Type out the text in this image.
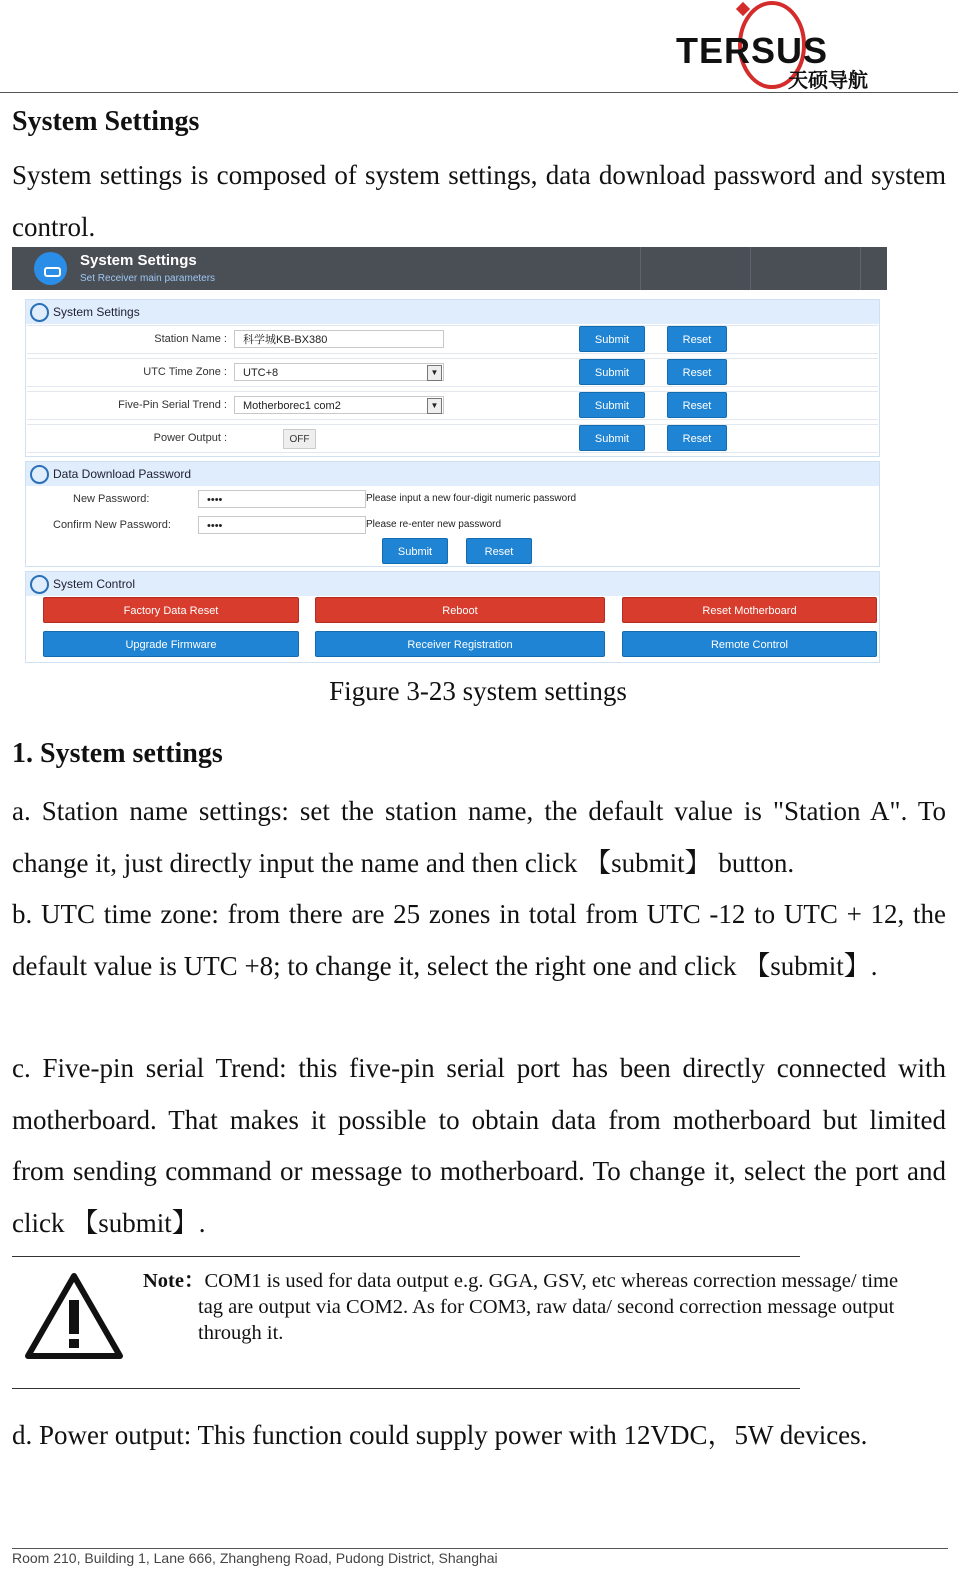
TERSUS
天硕导航
System Settings

System settings is composed of system settings, data download password and system control.

System Settings
Set Receiver main parameters
System Settings
Station Name :	科学城KB-BX380	Submit	Reset
UTC Time Zone :	UTC+8	▼	Submit	Reset
Five-Pin Serial Trend :	Motherborec1 com2	▼	Submit	Reset
Power Output :	OFF	Submit	Reset
Data Download Password
New Password:	••••	Please input a new four-digit numeric password
Confirm New Password:	••••	Please re-enter new password
Submit	Reset
System Control
Factory Data Reset	Reboot	Reset Motherboard
Upgrade Firmware	Receiver Registration	Remote Control
Figure 3-23 system settings
1. System settings

a. Station name settings: set the station name, the default value is "Station A". To change it, just directly input the name and then click 【submit】 button.

b. UTC time zone: from there are 25 zones in total from UTC -12 to UTC + 12, the default value is UTC +8; to change it, select the right one and click 【submit】.

c. Five-pin serial Trend: this five-pin serial port has been directly connected with motherboard. That makes it possible to obtain data from motherboard but limited from sending command or message to motherboard. To change it, select the port and click 【submit】.

Note：COM1 is used for data output e.g. GGA, GSV, etc whereas correction message/ time
tag are output via COM2. As for COM3, raw data/ second correction message output
through it.

d. Power output: This function could supply power with 12VDC，5W devices.

Room 210, Building 1, Lane 666, Zhangheng Road, Pudong District, Shanghai
